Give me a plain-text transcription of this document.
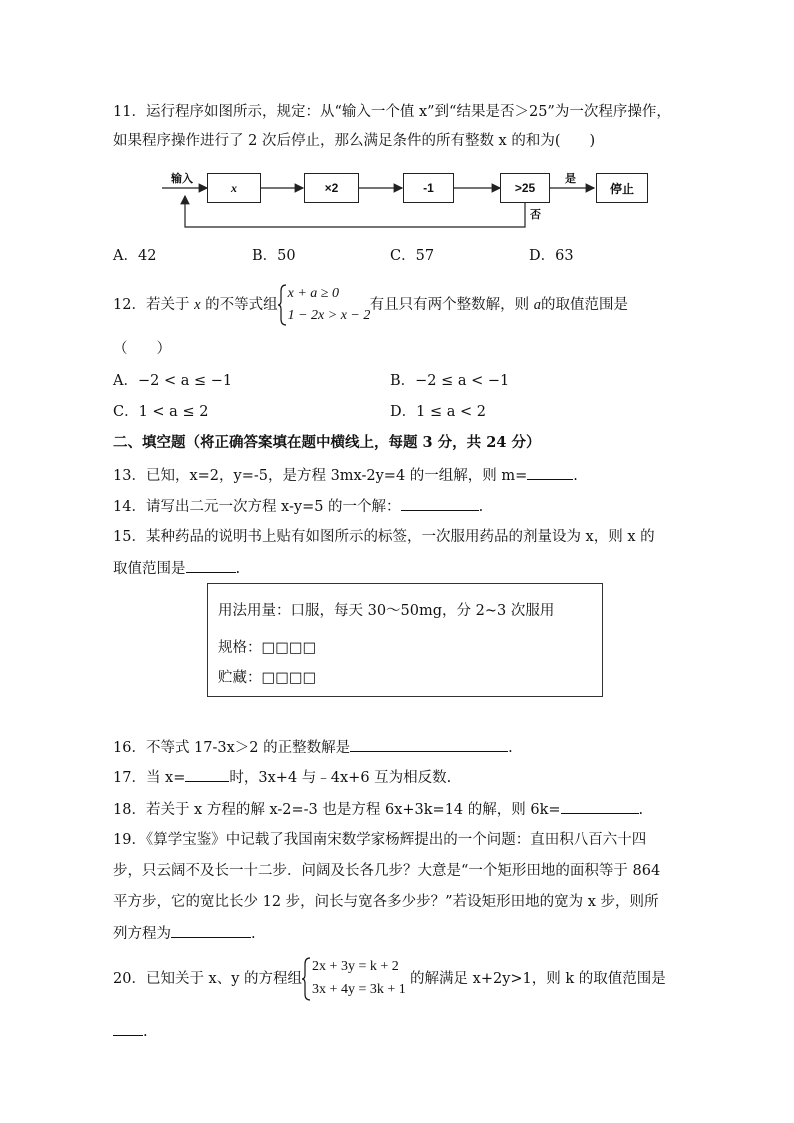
11．运行程序如图所示，规定：从“输入一个值 x”到“结果是否＞25”为一次程序操作，
如果程序操作进行了 2 次后停止，那么满足条件的所有整数 x 的和为(　　)
输入
x	×2	-1	>25
是
停止
否
A．42	B．50	C．57	D．63
12．若关于 x 的不等式组
x + a ≥ 0
1 − 2x > x − 2
有且只有两个整数解，则 a的取值范围是
（　　）
A．−2 < a ≤ −1	B．−2 ≤ a < −1
C．1 < a ≤ 2	D．1 ≤ a < 2
二、填空题（将正确答案填在题中横线上，每题 3 分，共 24 分）
13．已知，x=2，y=-5，是方程 3mx-2y=4 的一组解，则 m=	.
14．请写出二元一次方程 x-y=5 的一个解：	.
15．某种药品的说明书上贴有如图所示的标签，一次服用药品的剂量设为 x，则 x 的
取值范围是	.
用法用量：口服，每天 30～50mg，分 2~3 次服用
规格：□□□□
贮藏：□□□□
16．不等式 17-3x＞2 的正整数解是	.
17．当 x=	时，3x+4 与﹣4x+6 互为相反数.
18．若关于 x 方程的解 x-2=-3 也是方程 6x+3k=14 的解，则 6k=	.
19．《算学宝鉴》中记载了我国南宋数学家杨辉提出的一个问题：直田积八百六十四
步，只云阔不及长一十二步．问阔及长各几步？大意是“一个矩形田地的面积等于 864
平方步，它的宽比长少 12 步，问长与宽各多少步？”若设矩形田地的宽为 x 步，则所
列方程为	.
20．已知关于 x、y 的方程组
2x + 3y = k + 2
3x + 4y = 3k + 1
的解满足 x+2y>1，则 k 的取值范围是
.
